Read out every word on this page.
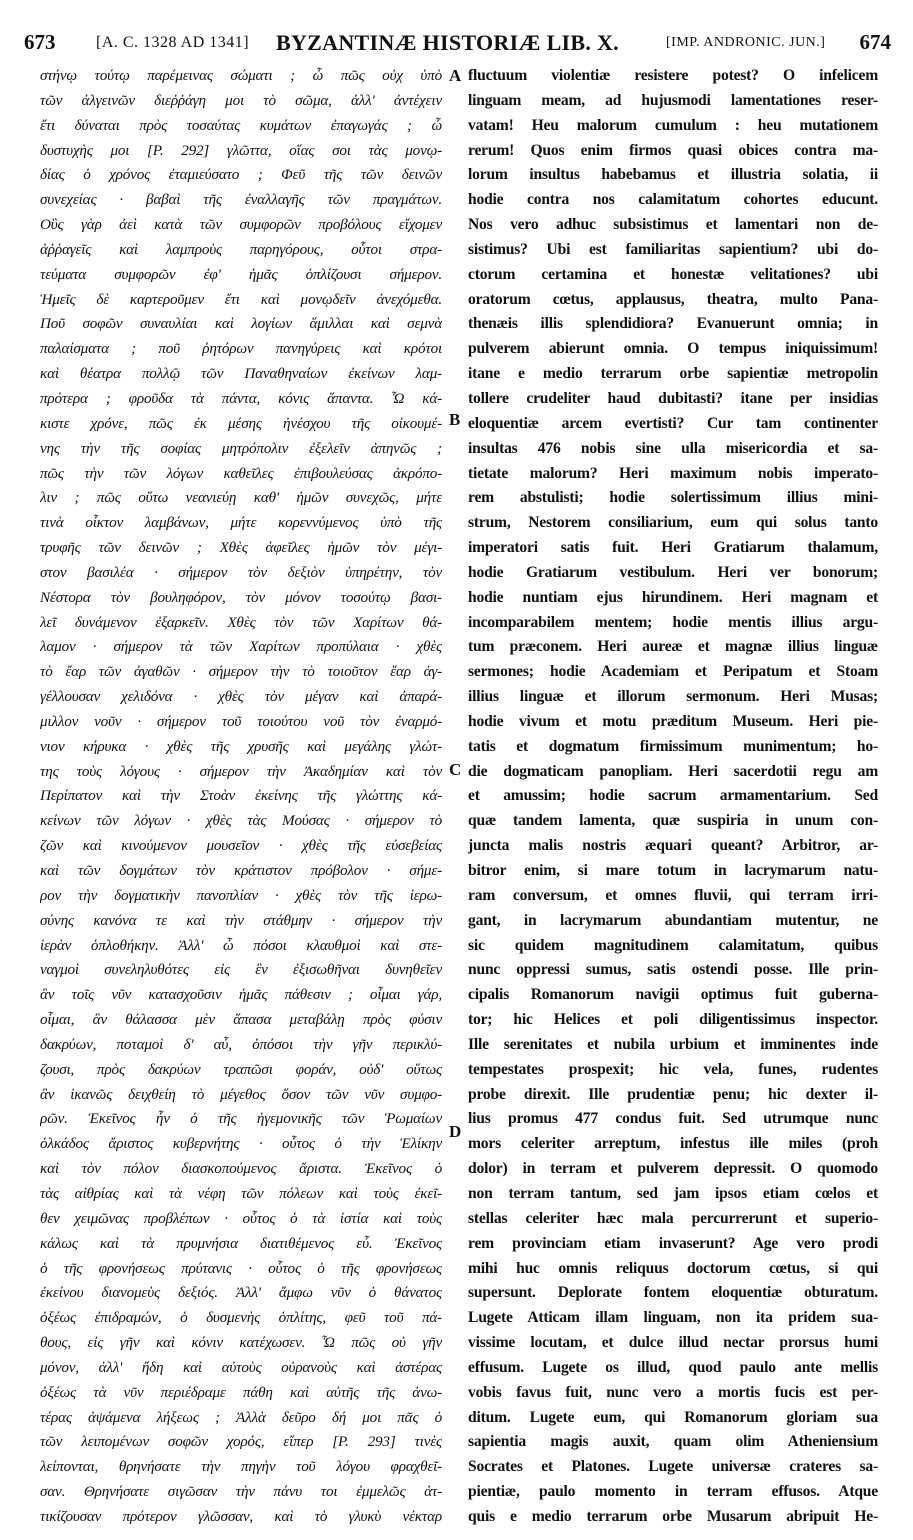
673	[A. C. 1328 AD 1341] BYZANTINÆ HISTORIÆ LIB. X.	[IMP. ANDRONIC. JUN.] 674
στήνῳ τούτῳ παρέμεινας σώματι ; ὦ πῶς οὐχ ὑπὸ
τῶν ἀλγεινῶν διεῤῥάγη μοι τὸ σῶμα, ἀλλ' ἀντέχειν
ἔτι δύναται πρὸς τοσαύτας κυμάτων ἐπαγωγάς ; ὦ
δυστυχὴς μοι [P. 292] γλῶττα, οἵας σοι τὰς μονῳ-
δίας ὁ χρόνος ἐταμιεύσατο ; Φεῦ τῆς τῶν δεινῶν
συνεχείας · βαβαὶ τῆς ἐναλλαγῆς τῶν πραγμάτων.
Οὓς γὰρ ἀεὶ κατὰ τῶν συμφορῶν προβόλους εἴχομεν
ἀῤῥαγεῖς καὶ λαμπροὺς παρηγόρους, οὗτοι στρα-
τεύματα συμφορῶν ἐφ' ἡμᾶς ὁπλίζουσι σήμερον.
Ἡμεῖς δὲ καρτεροῦμεν ἔτι καὶ μονῳδεῖν ἀνεχόμεθα.
Ποῦ σοφῶν συναυλίαι καὶ λογίων ἅμιλλαι καὶ σεμνὰ
παλαίσματα ; ποῦ ῥητόρων πανηγύρεις καὶ κρότοι
καὶ θέατρα πολλῷ τῶν Παναθηναίων ἐκείνων λαμ-
πρότερα ; φροῦδα τὰ πάντα, κόνις ἅπαντα. Ὦ κά-
κιστε χρόνε, πῶς ἐκ μέσης ἠνέσχου τῆς οἰκουμέ-
νης τὴν τῆς σοφίας μητρόπολιν ἐξελεῖν ἀπηνῶς ;
πῶς τὴν τῶν λόγων καθεῖλες ἐπιβουλεύσας ἀκρόπο-
λιν ; πῶς οὕτω νεανιεύῃ καθ' ἡμῶν συνεχῶς, μήτε
τινὰ οἶκτον λαμβάνων, μήτε κορεννύμενος ὑπὸ τῆς
τρυφῆς τῶν δεινῶν ; Χθὲς ἀφεῖλες ἡμῶν τὸν μέγι-
στον βασιλέα · σήμερον τὸν δεξιὸν ὑπηρέτην, τὸν
Νέστορα τὸν βουληφόρον, τὸν μόνον τοσούτῳ βασι-
λεῖ δυνάμενον ἐξαρκεῖν. Χθὲς τὸν τῶν Χαρίτων θά-
λαμον · σήμερον τὰ τῶν Χαρίτων προπύλαια · χθὲς
τὸ ἔαρ τῶν ἀγαθῶν · σήμερον τὴν τὸ τοιοῦτον ἔαρ ἀγ-
γέλλουσαν χελιδόνα · χθὲς τὸν μέγαν καὶ ἀπαρά-
μιλλον νοῦν · σήμερον τοῦ τοιούτου νοῦ τὸν ἐναρμό-
νιον κήρυκα · χθὲς τῆς χρυσῆς καὶ μεγάλης γλώτ-
της τοὺς λόγους · σήμερον τὴν Ἀκαδημίαν καὶ τὸν
Περίπατον καὶ τὴν Στοὰν ἐκείνης τῆς γλώττης κά-
κείνων τῶν λόγων · χθὲς τὰς Μούσας · σήμερον τὸ
ζῶν καὶ κινούμενον μουσεῖον · χθὲς τῆς εὐσεβείας
καὶ τῶν δογμάτων τὸν κράτιστον πρόβολον · σήμε-
ρον τὴν δογματικὴν πανοπλίαν · χθὲς τὸν τῆς ἱερω-
σύνης κανόνα τε καὶ τὴν στάθμην · σήμερον τὴν
ἱερὰν ὁπλοθήκην. Ἀλλ' ὦ πόσοι κλαυθμοὶ καὶ στε-
ναγμοὶ συνεληλυθότες εἰς ἓν ἐξισωθῆναι δυνηθεῖεν
ἂν τοῖς νῦν κατασχοῦσιν ἡμᾶς πάθεσιν ; οἶμαι γάρ,
οἶμαι, ἂν θάλασσα μὲν ἅπασα μεταβάλῃ πρὸς φύσιν
δακρύων, ποταμοὶ δ' αὖ, ὁπόσοι τὴν γῆν περικλύ-
ζουσι, πρὸς δακρύων τραπῶσι φοράν, οὐδ' οὕτως
ἂν ἱκανῶς δειχθείη τὸ μέγεθος ὅσον τῶν νῦν συμφο-
ρῶν. Ἐκεῖνος ἦν ὁ τῆς ἡγεμονικῆς τῶν Ῥωμαίων
ὁλκάδος ἄριστος κυβερνήτης · οὗτος ὁ τὴν Ἑλίκην
καὶ τὸν πόλον διασκοπούμενος ἄριστα. Ἐκεῖνος ὁ
τὰς αἰθρίας καὶ τὰ νέφη τῶν πόλεων καὶ τοὺς ἐκεῖ-
θεν χειμῶνας προβλέπων · οὗτος ὁ τὰ ἱστία καὶ τοὺς
κάλως καὶ τὰ πρυμνήσια διατιθέμενος εὖ. Ἐκεῖνος
ὁ τῆς φρονήσεως πρύτανις · οὗτος ὁ τῆς φρονήσεως
ἐκείνου διανομεὺς δεξιός. Ἀλλ' ἄμφω νῦν ὁ θάνατος
ὀξέως ἐπιδραμών, ὁ δυσμενὴς ὁπλίτης, φεῦ τοῦ πά-
θους, εἰς γῆν καὶ κόνιν κατέχωσεν. Ὦ πῶς οὐ γῆν
μόνον, ἀλλ' ἤδη καὶ αὐτοὺς οὐρανοὺς καὶ ἀστέρας
ὀξέως τὰ νῦν περιέδραμε πάθη καὶ αὐτῆς τῆς ἀνω-
τέρας ἀψάμενα λήξεως ; Ἀλλὰ δεῦρο δή μοι πᾶς ὁ
τῶν λειπομένων σοφῶν χορός, εἴπερ [P. 293] τινὲς
λείπονται, θρηνήσατε τὴν πηγὴν τοῦ λόγου φραχθεῖ-
σαν. Θρηνήσατε σιγῶσαν τὴν πάνυ τοι ἐμμελῶς ἀτ-
τικίζουσαν πρότερον γλῶσσαν, καὶ τὸ γλυκὺ νέκταρ
fluctuum violentiæ resistere potest? O infelicem
linguam meam, ad hujusmodi lamentationes reser-
vatam! Heu malorum cumulum : heu mutationem
rerum! Quos enim firmos quasi obices contra ma-
lorum insultus habebamus et illustria solatia, ii
hodie contra nos calamitatum cohortes educunt.
Nos vero adhuc subsistimus et lamentari non de-
sistimus? Ubi est familiaritas sapientium? ubi do-
ctorum certamina et honestæ velitationes? ubi
oratorum cœtus, applausus, theatra, multo Pana-
thenæis illis splendidiora? Evanuerunt omnia; in
pulverem abierunt omnia. O tempus iniquissimum!
itane e medio terrarum orbe sapientiæ metropolin
tollere crudeliter haud dubitasti? itane per insidias
eloquentiæ arcem evertisti? Cur tam continenter
insultas 476 nobis sine ulla misericordia et sa-
tietate malorum? Heri maximum nobis imperato-
rem abstulisti; hodie solertissimum illius mini-
strum, Nestorem consiliarium, eum qui solus tanto
imperatori satis fuit. Heri Gratiarum thalamum,
hodie Gratiarum vestibulum. Heri ver bonorum;
hodie nuntiam ejus hirundinem. Heri magnam et
incomparabilem mentem; hodie mentis illius argu-
tum præconem. Heri aureæ et magnæ illius linguæ
sermones; hodie Academiam et Peripatum et Stoam
illius linguæ et illorum sermonum. Heri Musas;
hodie vivum et motu præditum Museum. Heri pie-
tatis et dogmatum firmissimum munimentum; ho-
die dogmaticam panopliam. Heri sacerdotii regu am
et amussim; hodie sacrum armamentarium. Sed
quæ tandem lamenta, quæ suspiria in unum con-
juncta malis nostris æquari queant? Arbitror, ar-
bitror enim, si mare totum in lacrymarum natu-
ram conversum, et omnes fluvii, qui terram irri-
gant, in lacrymarum abundantiam mutentur, ne
sic quidem magnitudinem calamitatum, quibus
nunc oppressi sumus, satis ostendi posse. Ille prin-
cipalis Romanorum navigii optimus fuit guberna-
tor; hic Helices et poli diligentissimus inspector.
Ille serenitates et nubila urbium et imminentes inde
tempestates prospexit; hic vela, funes, rudentes
probe direxit. Ille prudentiæ penu; hic dexter il-
lius promus 477 condus fuit. Sed utrumque nunc
mors celeriter arreptum, infestus ille miles (proh
dolor) in terram et pulverem depressit. O quomodo
non terram tantum, sed jam ipsos etiam cœlos et
stellas celeriter hæc mala percurrerunt et superio-
rem provinciam etiam invaserunt? Age vero prodi
mihi huc omnis reliquus doctorum cœtus, si qui
supersunt. Deplorate fontem eloquentiæ obturatum.
Lugete Atticam illam linguam, non ita pridem sua-
vissime locutam, et dulce illud nectar prorsus humi
effusum. Lugete os illud, quod paulo ante mellis
vobis favus fuit, nunc vero a mortis fucis est per-
ditum. Lugete eum, qui Romanorum gloriam sua
sapientia magis auxit, quam olim Atheniensium
Socrates et Platones. Lugete universæ crateres sa-
pientiæ, paulo momento in terram effusos. Atque
quis e medio terrarum orbe Musarum abripuit He-
A
B
C
D
